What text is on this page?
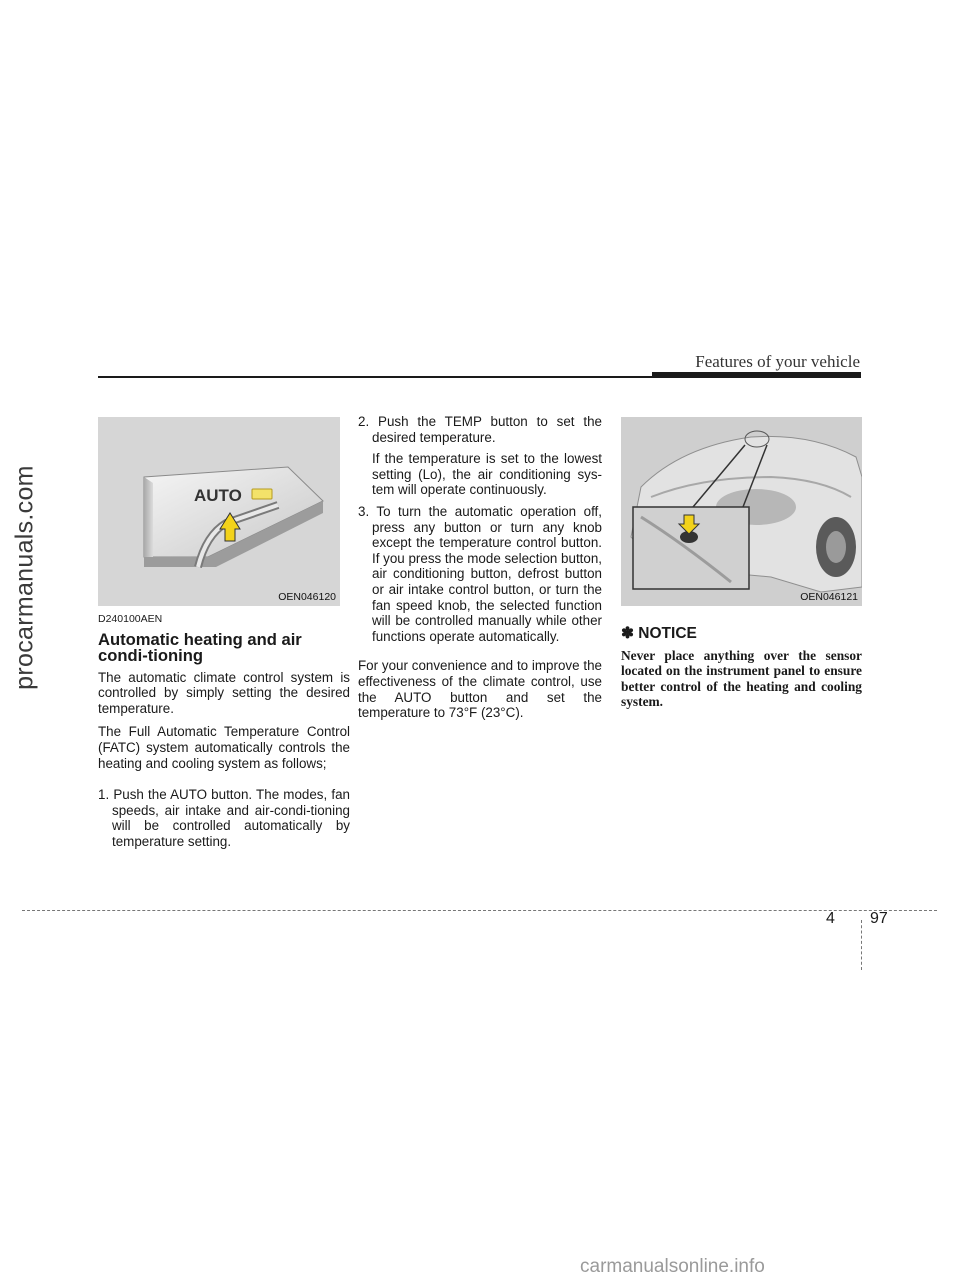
Features of your vehicle
AUTO
OEN046120	OEN046121
D240100AEN
Automatic heating and air condi-tioning

The automatic climate control system is controlled by simply setting the desired temperature.

The Full Automatic Temperature Control (FATC) system automatically controls the heating and cooling system as follows;

1. Push the AUTO button. The modes, fan speeds, air intake and air-condi-tioning will be controlled automatically by temperature setting.
2. Push the TEMP button to set the desired temperature.
If the temperature is set to the lowest setting (Lo), the air conditioning sys-tem will operate continuously.
3. To turn the automatic operation off, press any button or turn any knob except the temperature control button. If you press the mode selection button, air conditioning button, defrost button or air intake control button, or turn the fan speed knob, the selected function will be controlled manually while other functions operate automatically.

For your convenience and to improve the effectiveness of the climate control, use the AUTO button and set the temperature to 73°F (23°C).

✽ NOTICE
Never place anything over the sensor located on the instrument panel to ensure better control of the heating and cooling system.
4 97
procarmanuals.com
carmanualsonline.info
